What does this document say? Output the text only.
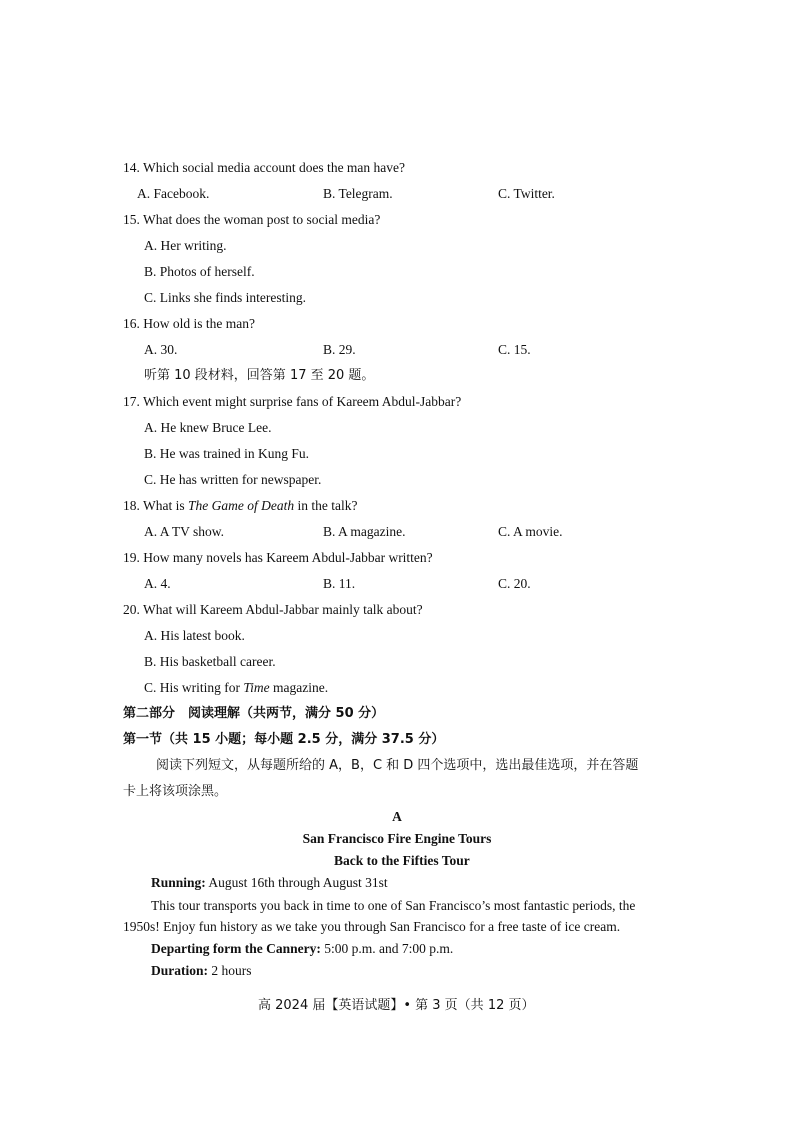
14. Which social media account does the man have?
A. Facebook.	B. Telegram.	C. Twitter.
15. What does the woman post to social media?
A. Her writing.
B. Photos of herself.
C. Links she finds interesting.
16. How old is the man?
A. 30.	B. 29.	C. 15.
听第 10 段材料，回答第 17 至 20 题。
17. Which event might surprise fans of Kareem Abdul-Jabbar?
A. He knew Bruce Lee.
B. He was trained in Kung Fu.
C. He has written for newspaper.
18. What is The Game of Death in the talk?
A. A TV show.	B. A magazine.	C. A movie.
19. How many novels has Kareem Abdul-Jabbar written?
A. 4.	B. 11.	C. 20.
20. What will Kareem Abdul-Jabbar mainly talk about?
A. His latest book.
B. His basketball career.
C. His writing for Time magazine.
第二部分　阅读理解（共两节，满分 50 分）
第一节（共 15 小题；每小题 2.5 分，满分 37.5 分）
阅读下列短文，从每题所给的 A，B，C 和 D 四个选项中，选出最佳选项，并在答题
卡上将该项涂黑。
A
San Francisco Fire Engine Tours
Back to the Fifties Tour
Running: August 16th through August 31st
This tour transports you back in time to one of San Francisco’s most fantastic periods, the
1950s! Enjoy fun history as we take you through San Francisco for a free taste of ice cream.
Departing form the Cannery: 5:00 p.m. and 7:00 p.m.
Duration: 2 hours
高 2024 届【英语试题】• 第 3 页（共 12 页）
